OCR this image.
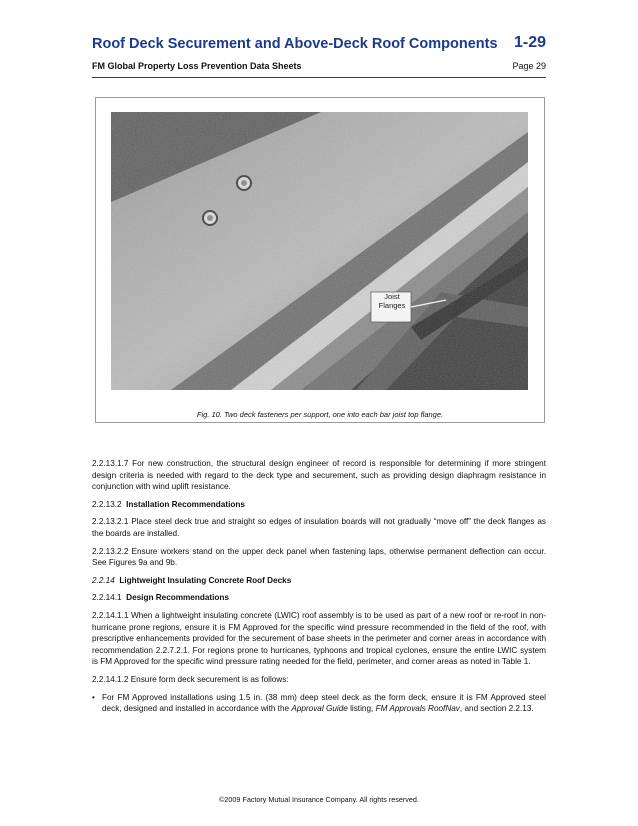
Roof Deck Securement and Above-Deck Roof Components 1-29
FM Global Property Loss Prevention Data Sheets	Page 29
Joist
Flanges
Fig. 10. Two deck fasteners per support, one into each bar joist top flange.

2.2.13.1.7 For new construction, the structural design engineer of record is responsible for determining if more stringent design criteria is needed with regard to the deck type and securement, such as providing design diaphragm resistance in conjunction with wind uplift resistance.

2.2.13.2 Installation Recommendations

2.2.13.2.1 Place steel deck true and straight so edges of insulation boards will not gradually “move off” the deck flanges as the boards are installed.

2.2.13.2.2 Ensure workers stand on the upper deck panel when fastening laps, otherwise permanent deflection can occur. See Figures 9a and 9b.

2.2.14 Lightweight Insulating Concrete Roof Decks

2.2.14.1 Design Recommendations

2.2.14.1.1 When a lightweight insulating concrete (LWIC) roof assembly is to be used as part of a new roof or re-roof in non-hurricane prone regions, ensure it is FM Approved for the specific wind pressure recommended in the field of the roof, with prescriptive enhancements provided for the securement of base sheets in the perimeter and corner areas in accordance with recommendation 2.2.7.2.1. For regions prone to hurricanes, typhoons and tropical cyclones, ensure the entire LWIC system is FM Approved for the specific wind pressure rating needed for the field, perimeter, and corner areas as noted in Table 1.

2.2.14.1.2 Ensure form deck securement is as follows:

• For FM Approved installations using 1.5 in. (38 mm) deep steel deck as the form deck, ensure it is FM Approved steel deck, designed and installed in accordance with the Approval Guide listing, FM Approvals RoofNav, and section 2.2.13.
©2009 Factory Mutual Insurance Company. All rights reserved.
